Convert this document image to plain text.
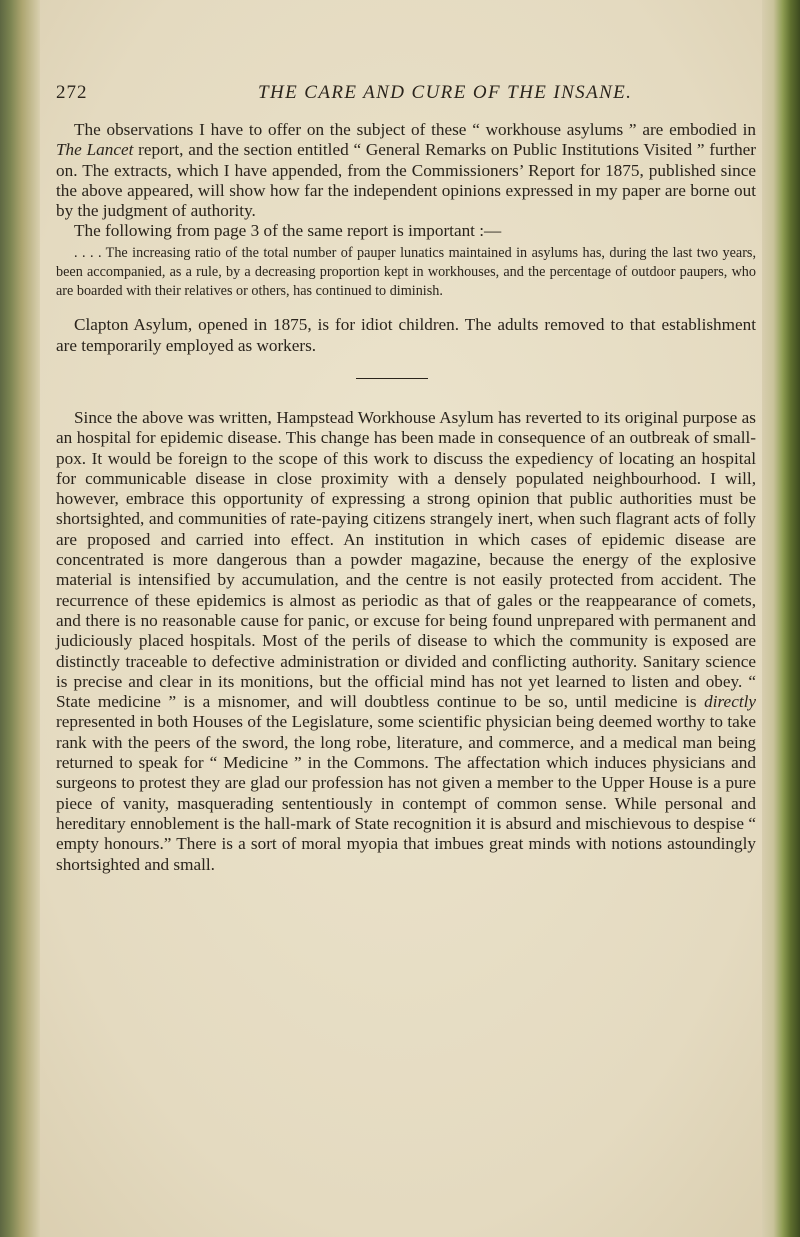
272	THE CARE AND CURE OF THE INSANE.

The observations I have to offer on the subject of these “ workhouse asylums ” are embodied in The Lancet report, and the section entitled “ General Remarks on Public Institutions Visited ” further on. The extracts, which I have appended, from the Commissioners’ Report for 1875, published since the above appeared, will show how far the independent opinions expressed in my paper are borne out by the judgment of authority.

The following from page 3 of the same report is important :—

. . . . The increasing ratio of the total number of pauper lunatics maintained in asylums has, during the last two years, been accompanied, as a rule, by a decreasing proportion kept in workhouses, and the percentage of outdoor paupers, who are boarded with their relatives or others, has continued to diminish.

Clapton Asylum, opened in 1875, is for idiot children. The adults removed to that establishment are temporarily employed as workers.

Since the above was written, Hampstead Workhouse Asylum has reverted to its original purpose as an hospital for epidemic disease. This change has been made in consequence of an outbreak of small-pox. It would be foreign to the scope of this work to discuss the expediency of locating an hospital for communicable disease in close proximity with a densely populated neighbourhood. I will, however, embrace this opportunity of expressing a strong opinion that public authorities must be shortsighted, and communities of rate-paying citizens strangely inert, when such flagrant acts of folly are proposed and carried into effect. An institution in which cases of epidemic disease are concentrated is more dangerous than a powder magazine, because the energy of the explosive material is intensified by accumulation, and the centre is not easily protected from accident. The recurrence of these epidemics is almost as periodic as that of gales or the reappearance of comets, and there is no reasonable cause for panic, or excuse for being found unprepared with permanent and judiciously placed hospitals. Most of the perils of disease to which the community is exposed are distinctly traceable to defective administration or divided and conflicting authority. Sanitary science is precise and clear in its monitions, but the official mind has not yet learned to listen and obey. “ State medicine ” is a misnomer, and will doubtless continue to be so, until medicine is directly represented in both Houses of the Legislature, some scientific physician being deemed worthy to take rank with the peers of the sword, the long robe, literature, and commerce, and a medical man being returned to speak for “ Medicine ” in the Commons. The affectation which induces physicians and surgeons to protest they are glad our profession has not given a member to the Upper House is a pure piece of vanity, masquerading sententiously in contempt of common sense. While personal and hereditary ennoblement is the hall-mark of State recognition it is absurd and mischievous to despise “ empty honours.” There is a sort of moral myopia that imbues great minds with notions astoundingly shortsighted and small.
